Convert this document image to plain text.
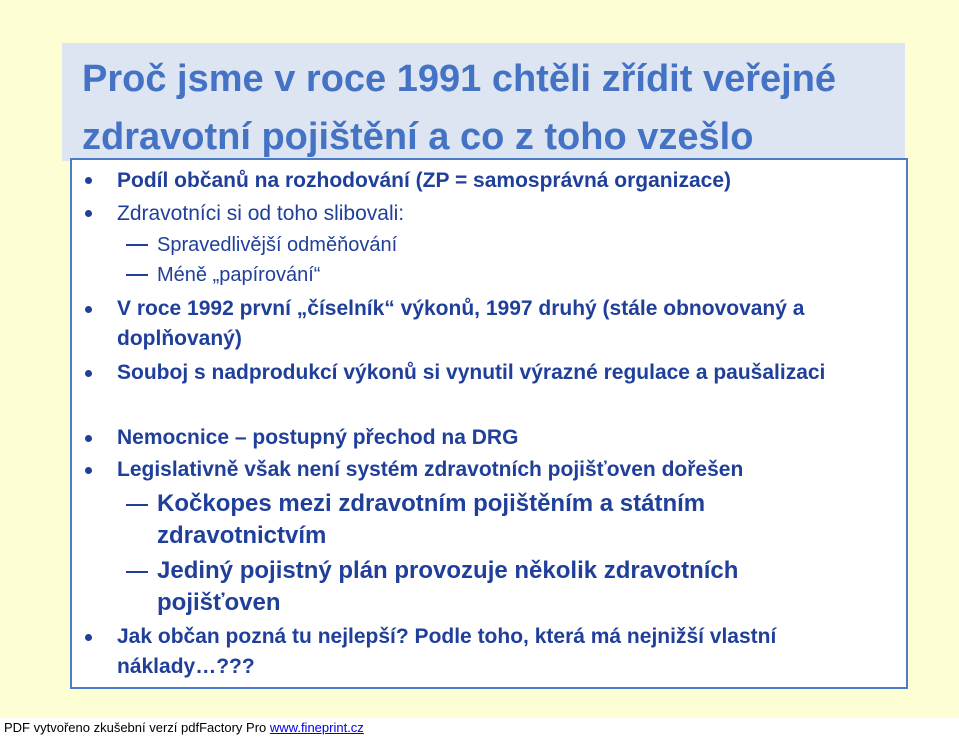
Proč jsme v roce 1991 chtěli zřídit veřejné zdravotní pojištění a co z toho vzešlo

Podíl občanů na rozhodování (ZP = samosprávná organizace)

Zdravotníci si od toho slibovali:

Spravedlivější odměňování

Méně „papírování“

V roce 1992 první „číselník“ výkonů, 1997 druhý (stále obnovovaný a doplňovaný)

Souboj s nadprodukcí výkonů si vynutil výrazné regulace a paušalizaci

Nemocnice – postupný přechod na DRG

Legislativně však není systém zdravotních pojišťoven dořešen

Kočkopes mezi zdravotním pojištěním a státním zdravotnictvím

Jediný pojistný plán provozuje několik zdravotních pojišťoven

Jak občan pozná tu nejlepší? Podle toho, která má nejnižší vlastní náklady…???

PDF vytvořeno zkušební verzí pdfFactory Pro www.fineprint.cz
